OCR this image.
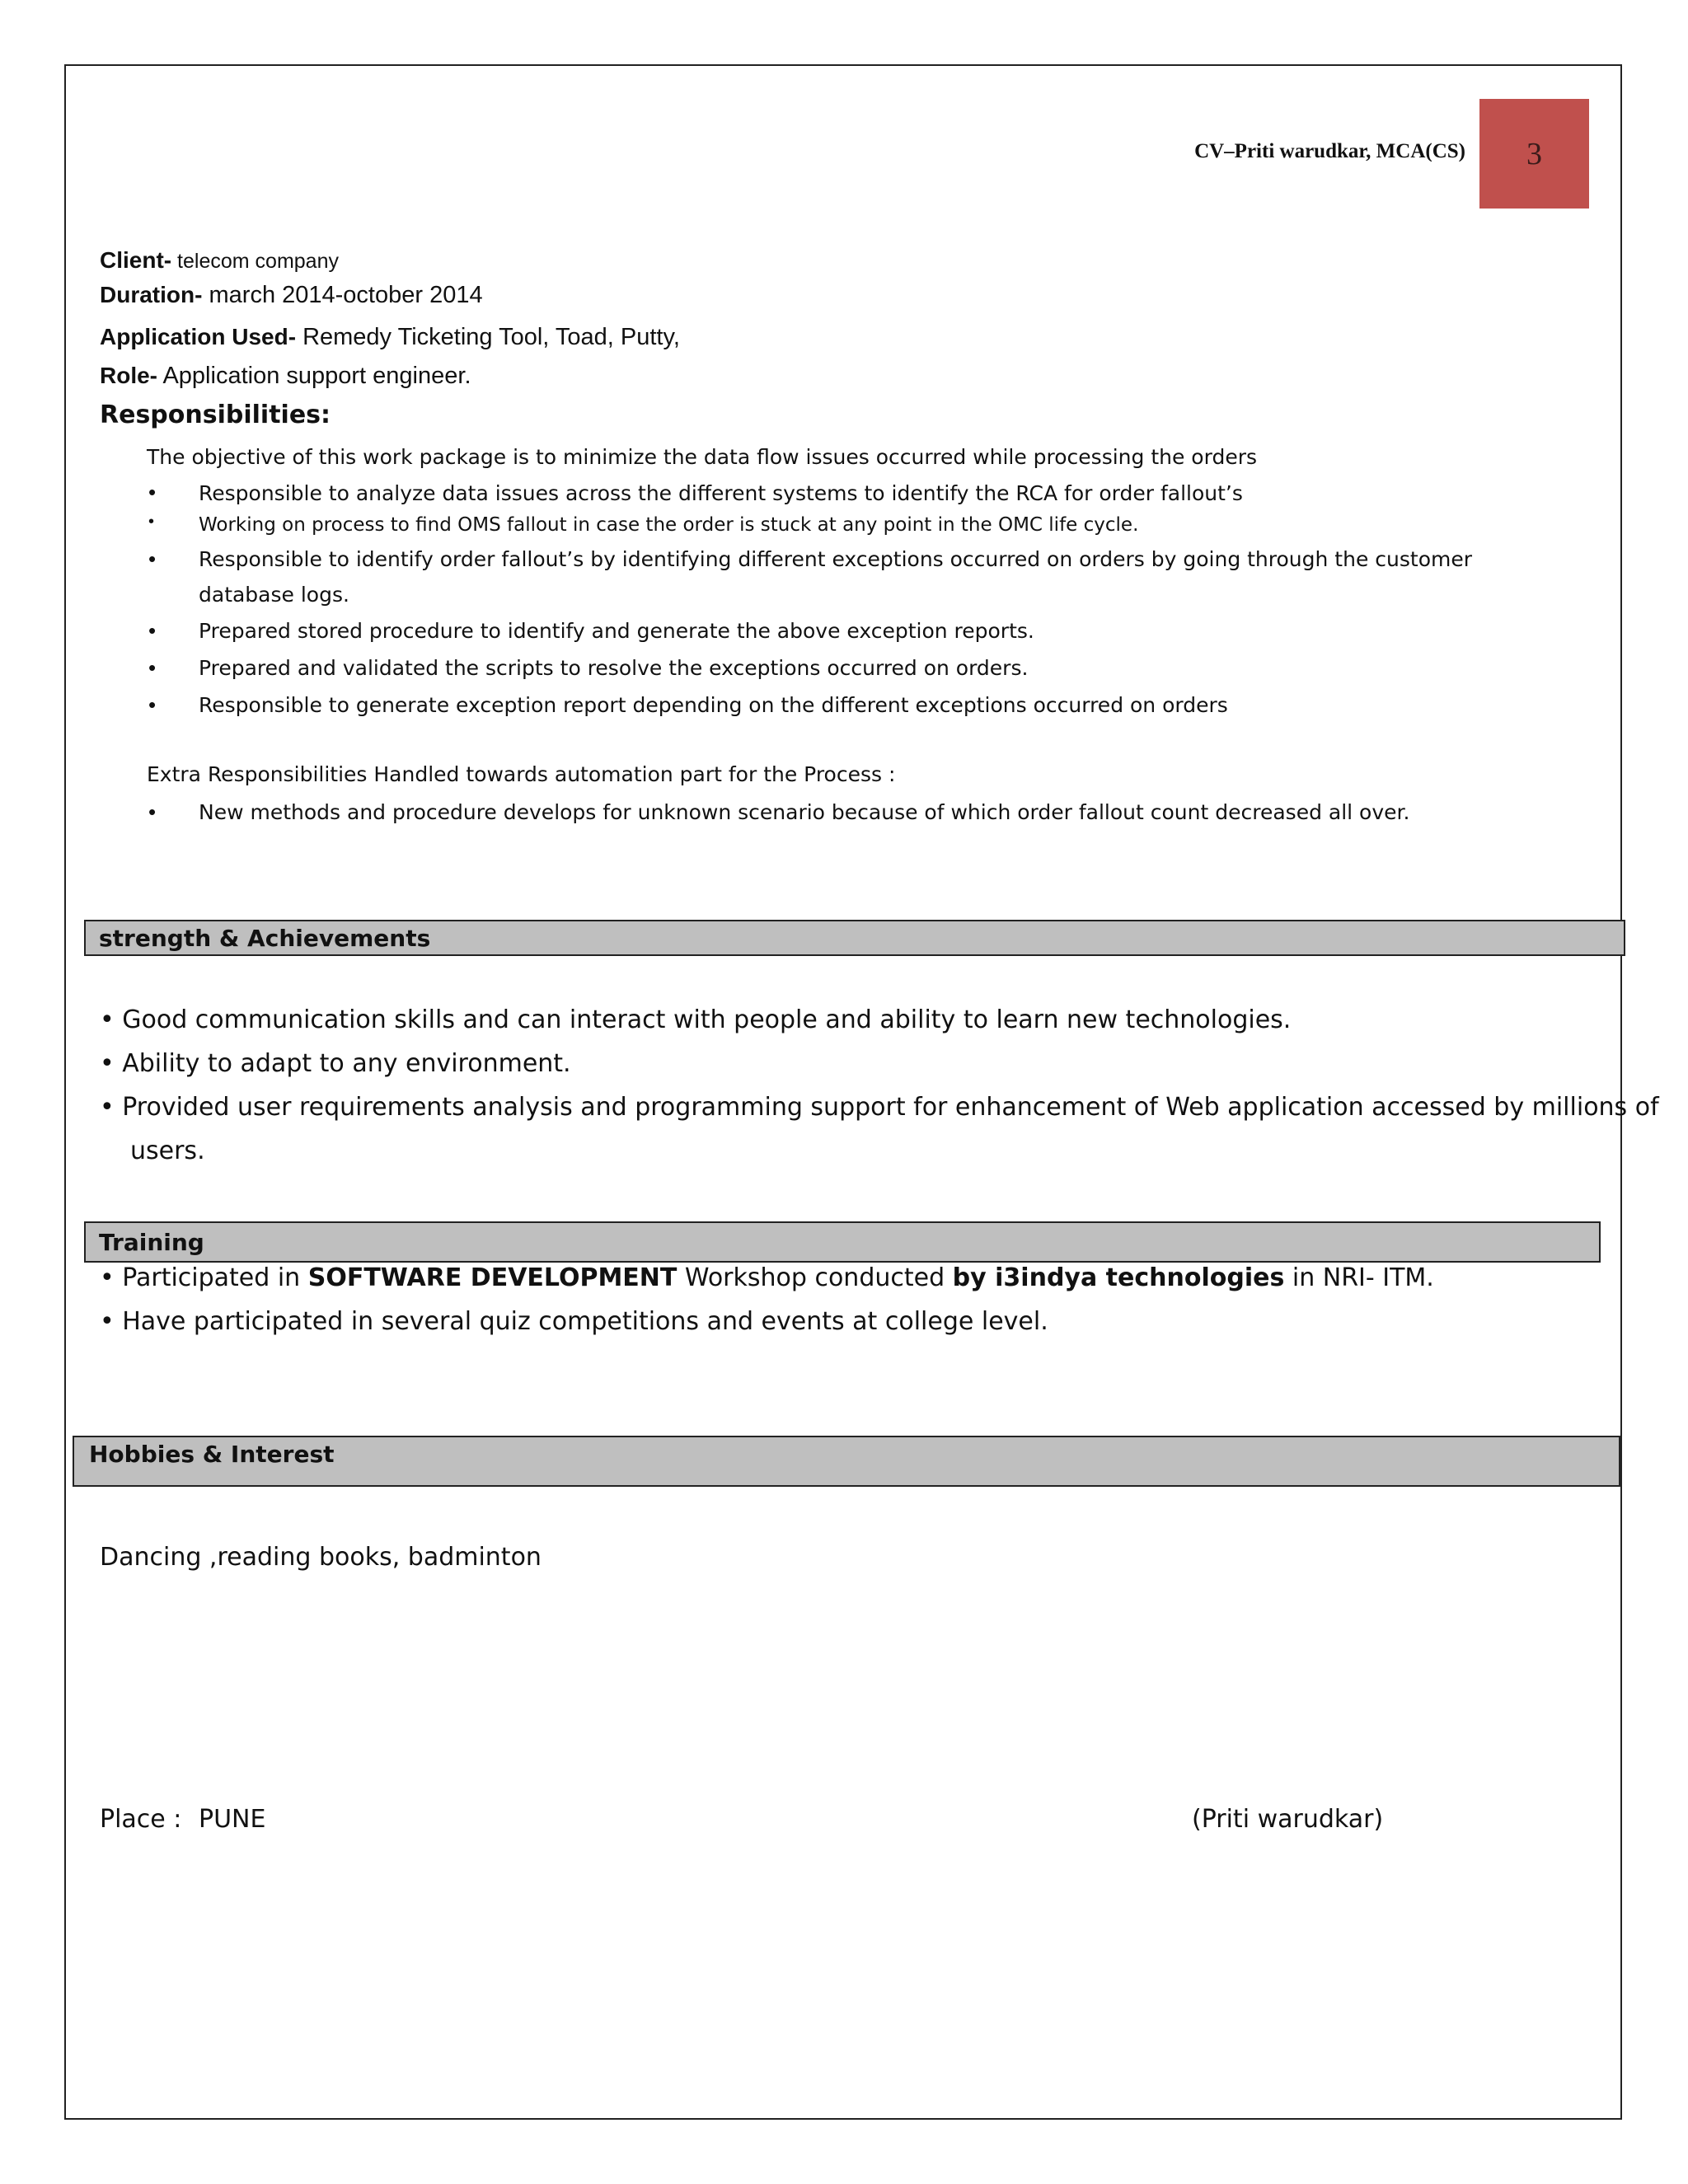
CV–Priti warudkar, MCA(CS) 3
Client- telecom company
Duration- march 2014-october 2014
Application Used- Remedy Ticketing Tool, Toad, Putty,
Role- Application support engineer.
Responsibilities:
The objective of this work package is to minimize the data flow issues occurred while processing the orders
• Responsible to analyze data issues across the different systems to identify the RCA for order fallout’s
• Working on process to find OMS fallout in case the order is stuck at any point in the OMC life cycle.
• Responsible to identify order fallout’s by identifying different exceptions occurred on orders by going through the customer database logs.
• Prepared stored procedure to identify and generate the above exception reports.
• Prepared and validated the scripts to resolve the exceptions occurred on orders.
• Responsible to generate exception report depending on the different exceptions occurred on orders
Extra Responsibilities Handled towards automation part for the Process :
• New methods and procedure develops for unknown scenario because of which order fallout count decreased all over.
strength & Achievements
• Good communication skills and can interact with people and ability to learn new technologies.
• Ability to adapt to any environment.
• Provided user requirements analysis and programming support for enhancement of Web application accessed by millions of
users.
Training
• Participated in SOFTWARE DEVELOPMENT Workshop conducted by i3indya technologies in NRI- ITM.
• Have participated in several quiz competitions and events at college level.
Hobbies & Interest
Dancing ,reading books, badminton
Place : PUNE	(Priti warudkar)
